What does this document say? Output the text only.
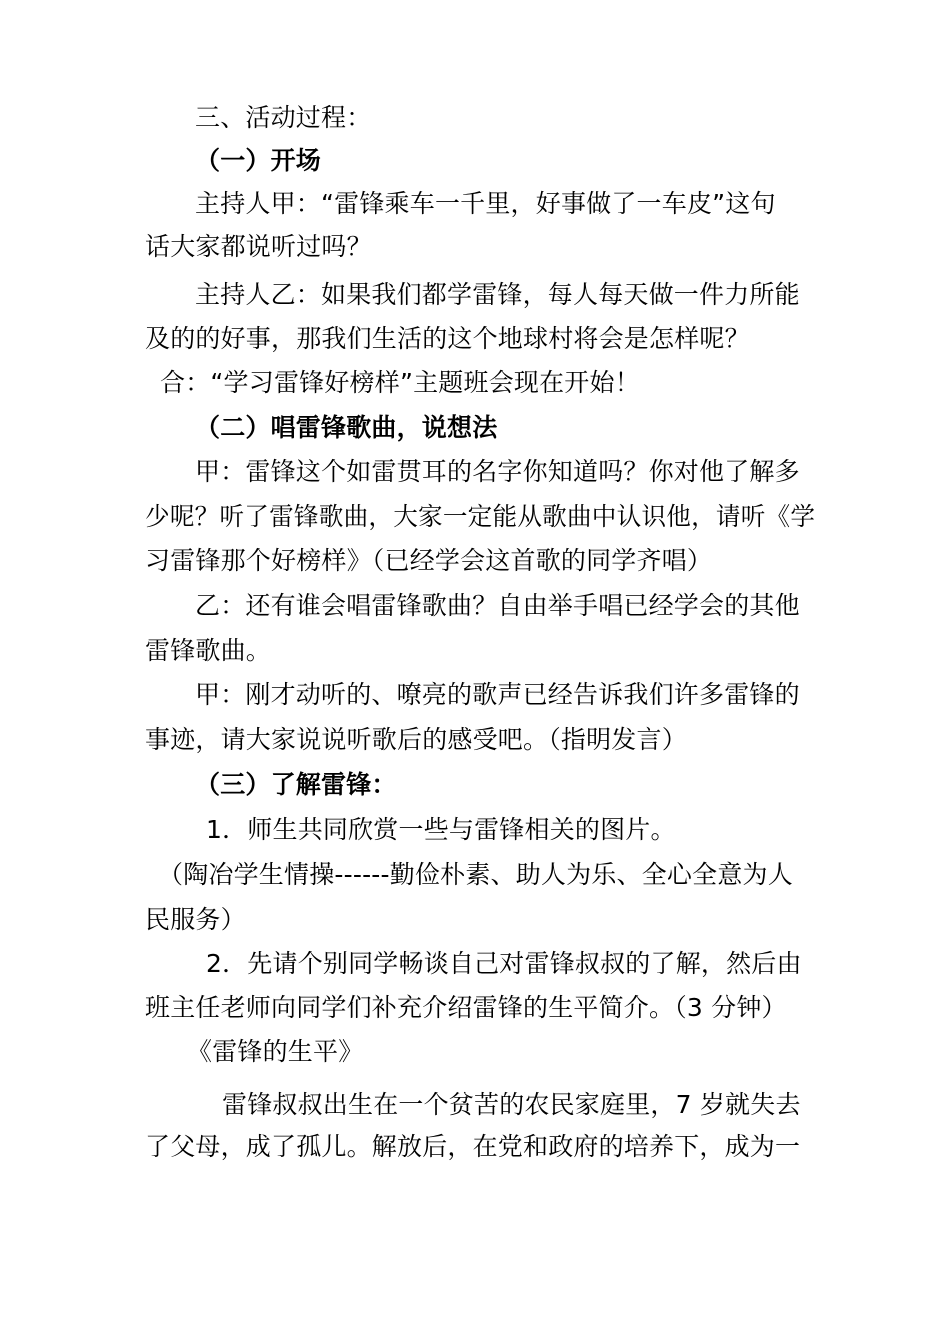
三、活动过程：
（一）开场
主持人甲：“雷锋乘车一千里，好事做了一车皮”这句
话大家都说听过吗？
主持人乙：如果我们都学雷锋，每人每天做一件力所能
及的的好事，那我们生活的这个地球村将会是怎样呢？
合：“学习雷锋好榜样”主题班会现在开始！
（二）唱雷锋歌曲，说想法
甲：雷锋这个如雷贯耳的名字你知道吗？你对他了解多
少呢？听了雷锋歌曲，大家一定能从歌曲中认识他，请听《学
习雷锋那个好榜样》（已经学会这首歌的同学齐唱）
乙：还有谁会唱雷锋歌曲？自由举手唱已经学会的其他
雷锋歌曲。
甲：刚才动听的、嘹亮的歌声已经告诉我们许多雷锋的
事迹，请大家说说听歌后的感受吧。（指明发言）
（三）了解雷锋：
1．师生共同欣赏一些与雷锋相关的图片。
（陶冶学生情操------勤俭朴素、助人为乐、全心全意为人
民服务）
2．先请个别同学畅谈自己对雷锋叔叔的了解，然后由
班主任老师向同学们补充介绍雷锋的生平简介。（3 分钟）
《雷锋的生平》
雷锋叔叔出生在一个贫苦的农民家庭里，7 岁就失去
了父母，成了孤儿。解放后，在党和政府的培养下，成为一
